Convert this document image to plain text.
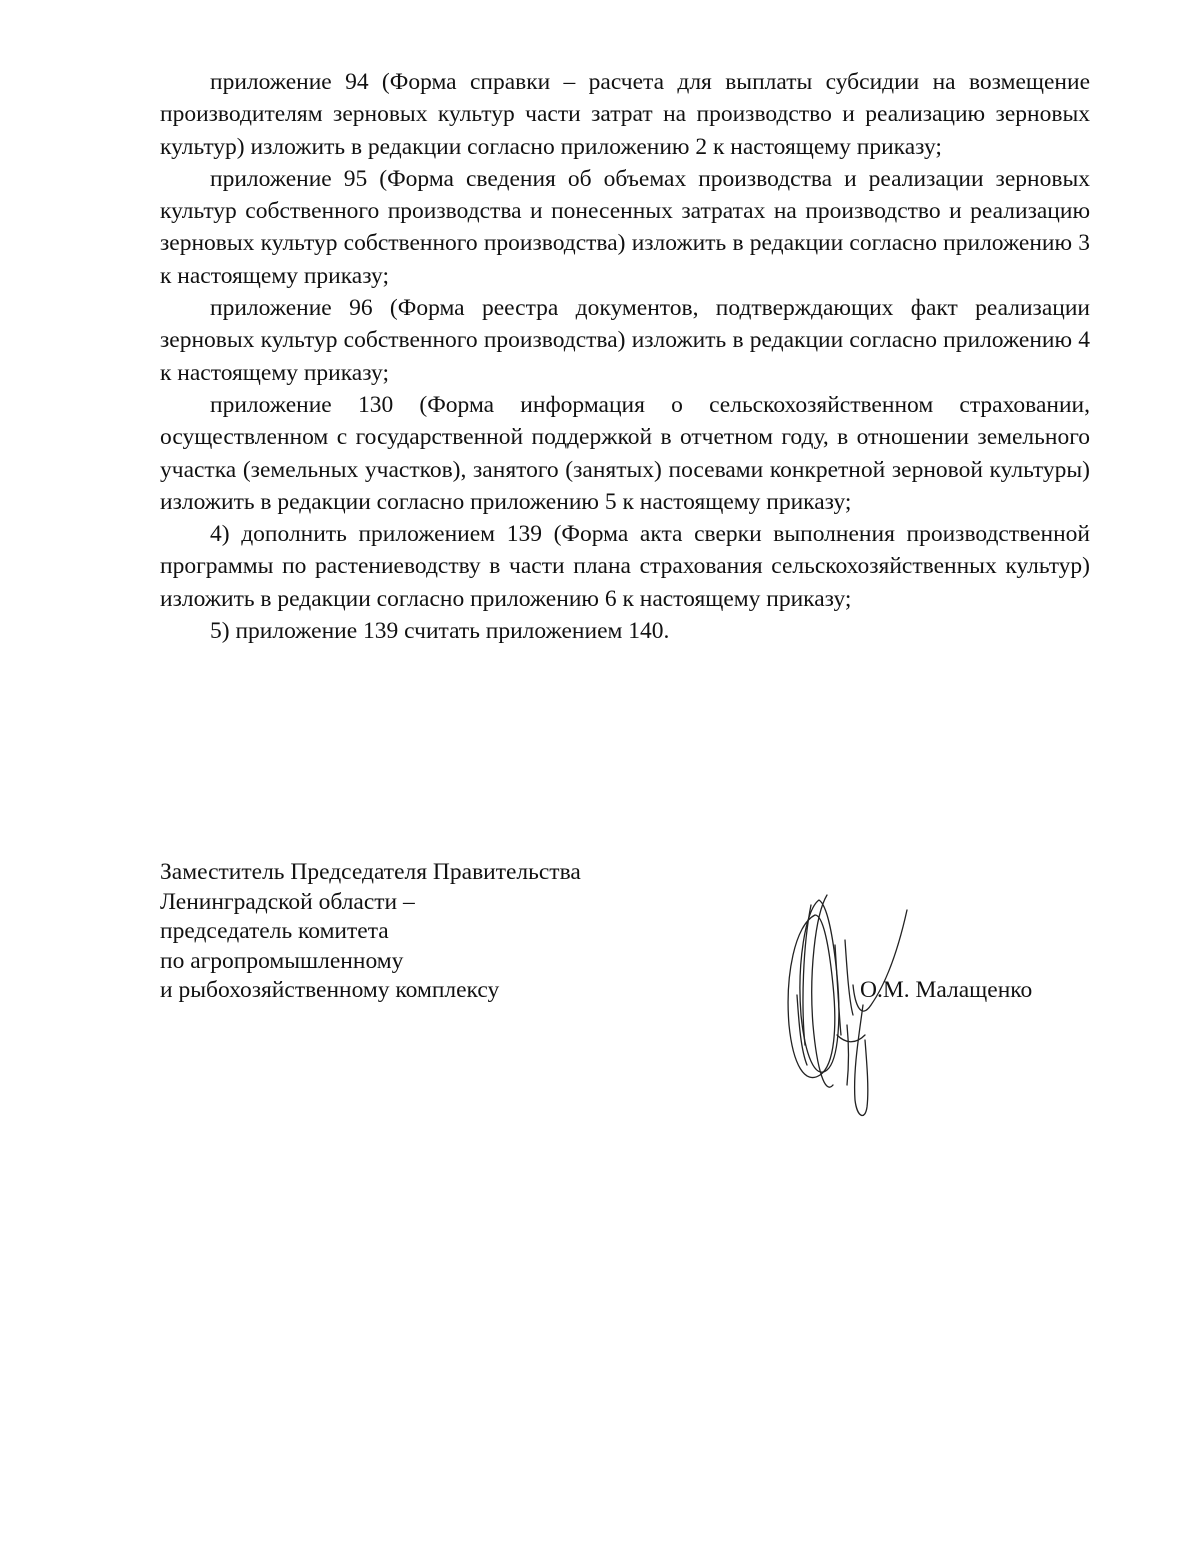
приложение 94 (Форма справки – расчета для выплаты субсидии на возмещение производителям зерновых культур части затрат на производство и реализацию зерновых культур) изложить в редакции согласно приложению 2 к настоящему приказу;

приложение 95 (Форма сведения об объемах производства и реализации зерновых культур собственного производства и понесенных затратах на производство и реализацию зерновых культур собственного производства) изложить в редакции согласно приложению 3 к настоящему приказу;

приложение 96 (Форма реестра документов, подтверждающих факт реализации зерновых культур собственного производства) изложить в редакции согласно приложению 4 к настоящему приказу;

приложение 130 (Форма информация о сельскохозяйственном страховании, осуществленном с государственной поддержкой в отчетном году, в отношении земельного участка (земельных участков), занятого (занятых) посевами конкретной зерновой культуры) изложить в редакции согласно приложению 5 к настоящему приказу;

4) дополнить приложением 139 (Форма акта сверки выполнения производственной программы по растениеводству в части плана страхования сельскохозяйственных культур) изложить в редакции согласно приложению 6 к настоящему приказу;

5) приложение 139 считать приложением 140.

Заместитель Председателя Правительства
Ленинградской области –
председатель комитета
по агропромышленному
и рыбохозяйственному комплексу	О.М. Малащенко
